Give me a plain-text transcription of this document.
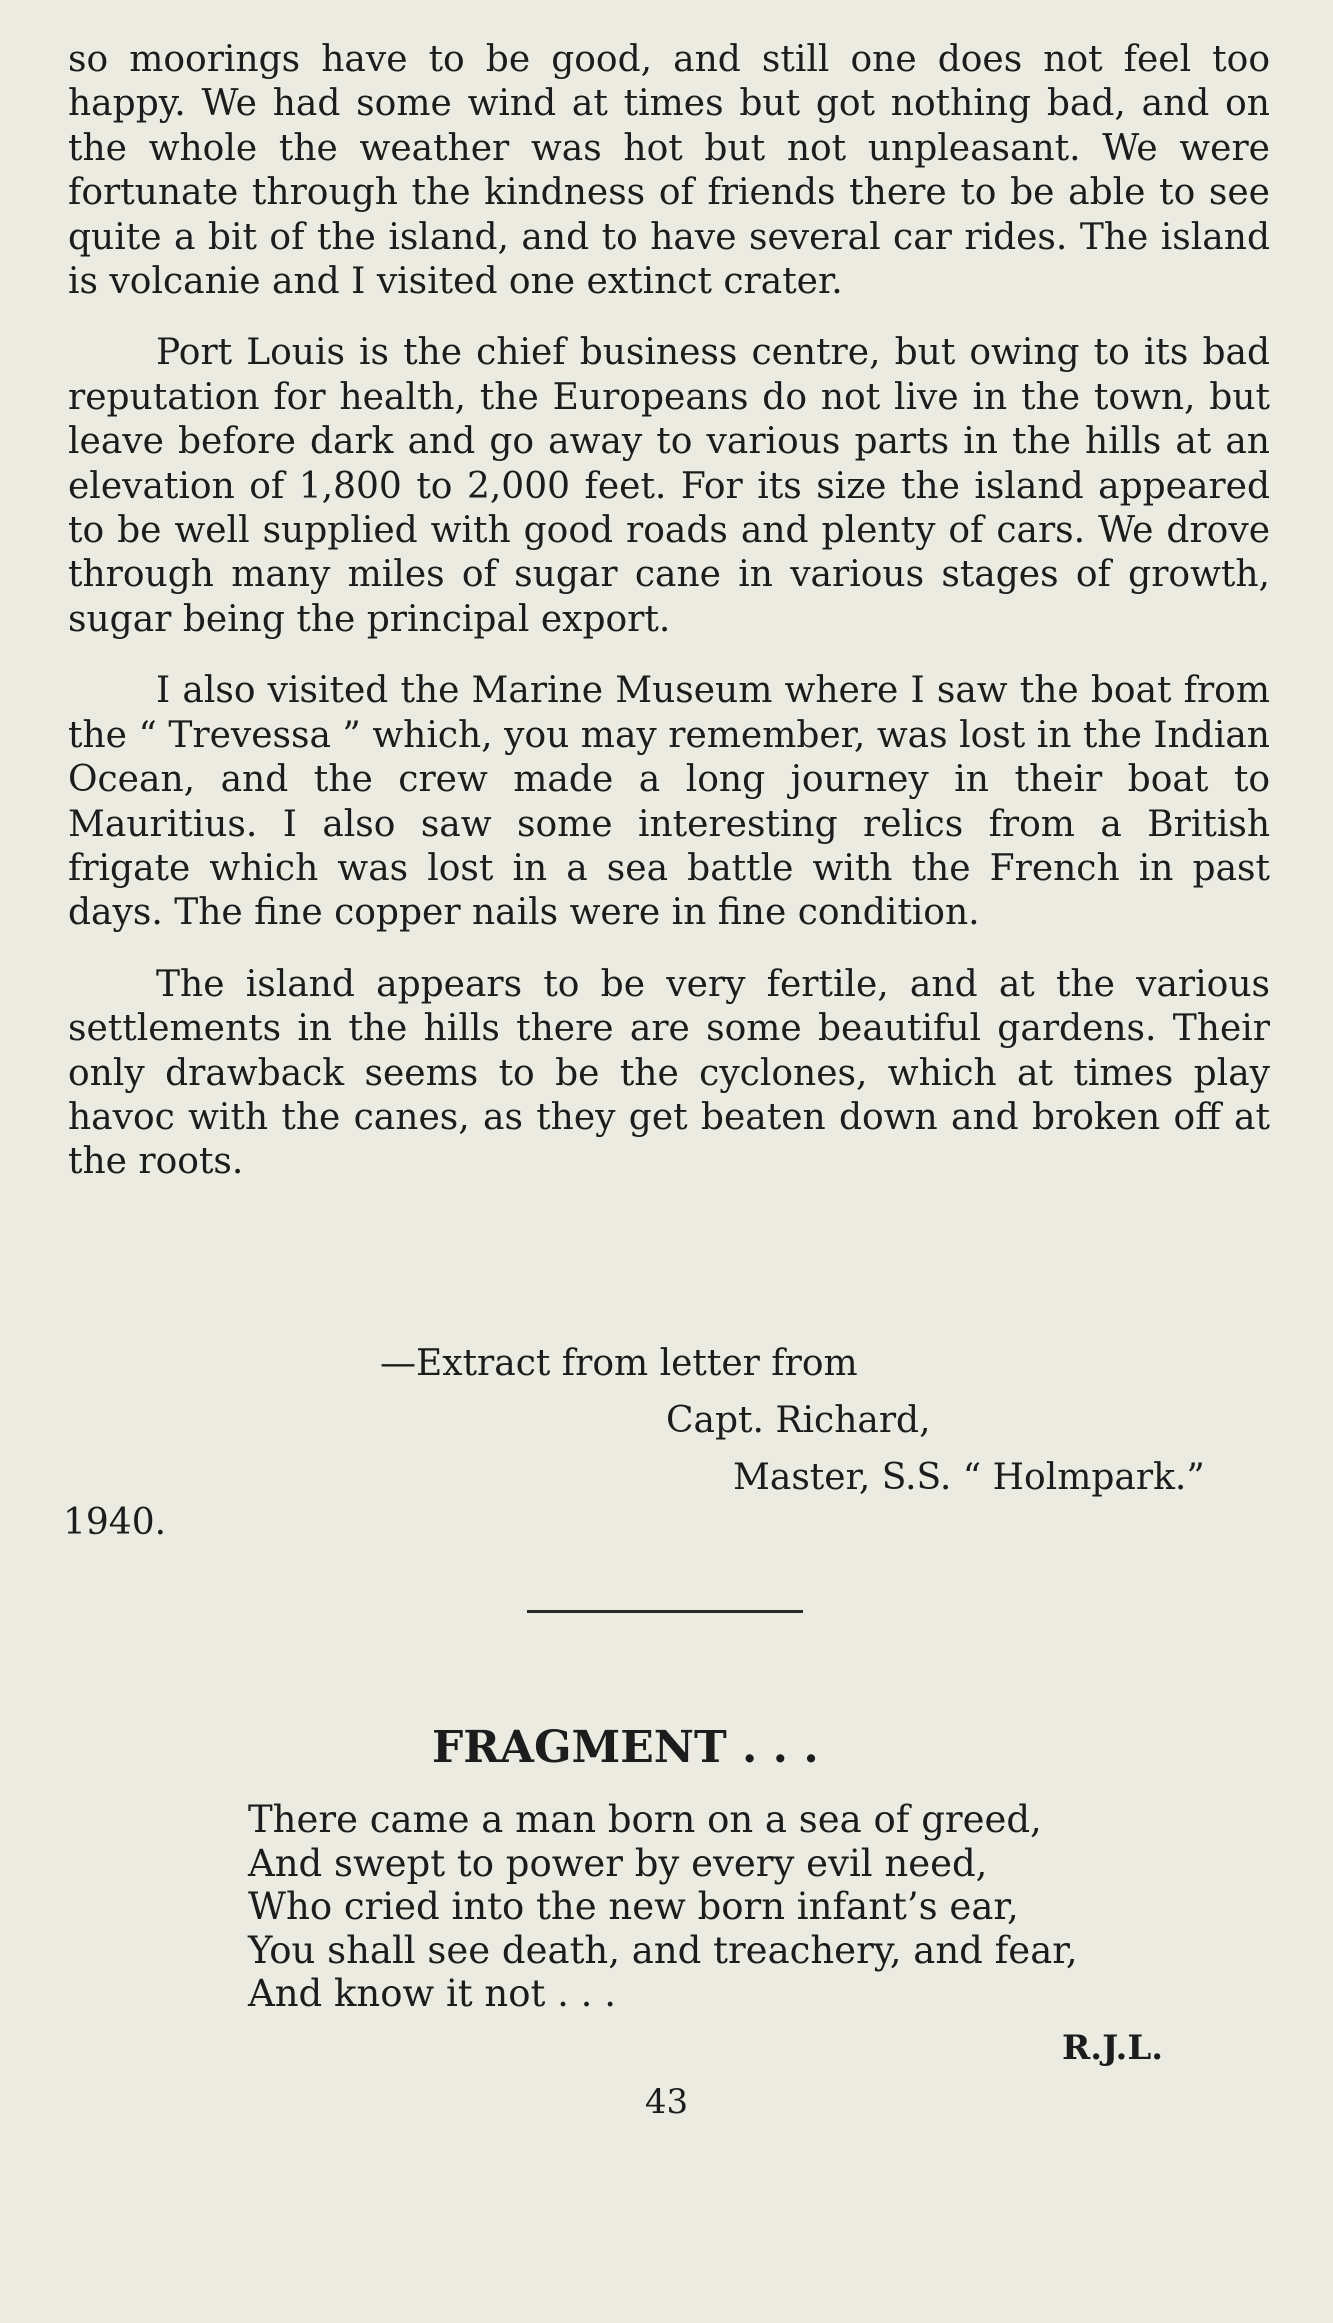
so moorings have to be good, and still one does not feel too happy. We had some wind at times but got nothing bad, and on the whole the weather was hot but not unpleasant. We were fortunate through the kindness of friends there to be able to see quite a bit of the island, and to have several car rides. The island is volcanie and I visited one extinct crater.

Port Louis is the chief business centre, but owing to its bad reputation for health, the Europeans do not live in the town, but leave before dark and go away to various parts in the hills at an elevation of 1,800 to 2,000 feet. For its size the island appeared to be well supplied with good roads and plenty of cars. We drove through many miles of sugar cane in various stages of growth, sugar being the principal export.

I also visited the Marine Museum where I saw the boat from the “ Trevessa ” which, you may remember, was lost in the Indian Ocean, and the crew made a long journey in their boat to Mauritius. I also saw some interesting relics from a British frigate which was lost in a sea battle with the French in past days. The fine copper nails were in fine condition.

The island appears to be very fertile, and at the various settlements in the hills there are some beautiful gardens. Their only drawback seems to be the cyclones, which at times play havoc with the canes, as they get beaten down and broken off at the roots.

—Extract from letter from
Capt. Richard,
Master, S.S. “ Holmpark.”
1940.
FRAGMENT . . .
There came a man born on a sea of greed,
And swept to power by every evil need,
Who cried into the new born infant’s ear,
You shall see death, and treachery, and fear,
And know it not . . .
R.J.L.
43
